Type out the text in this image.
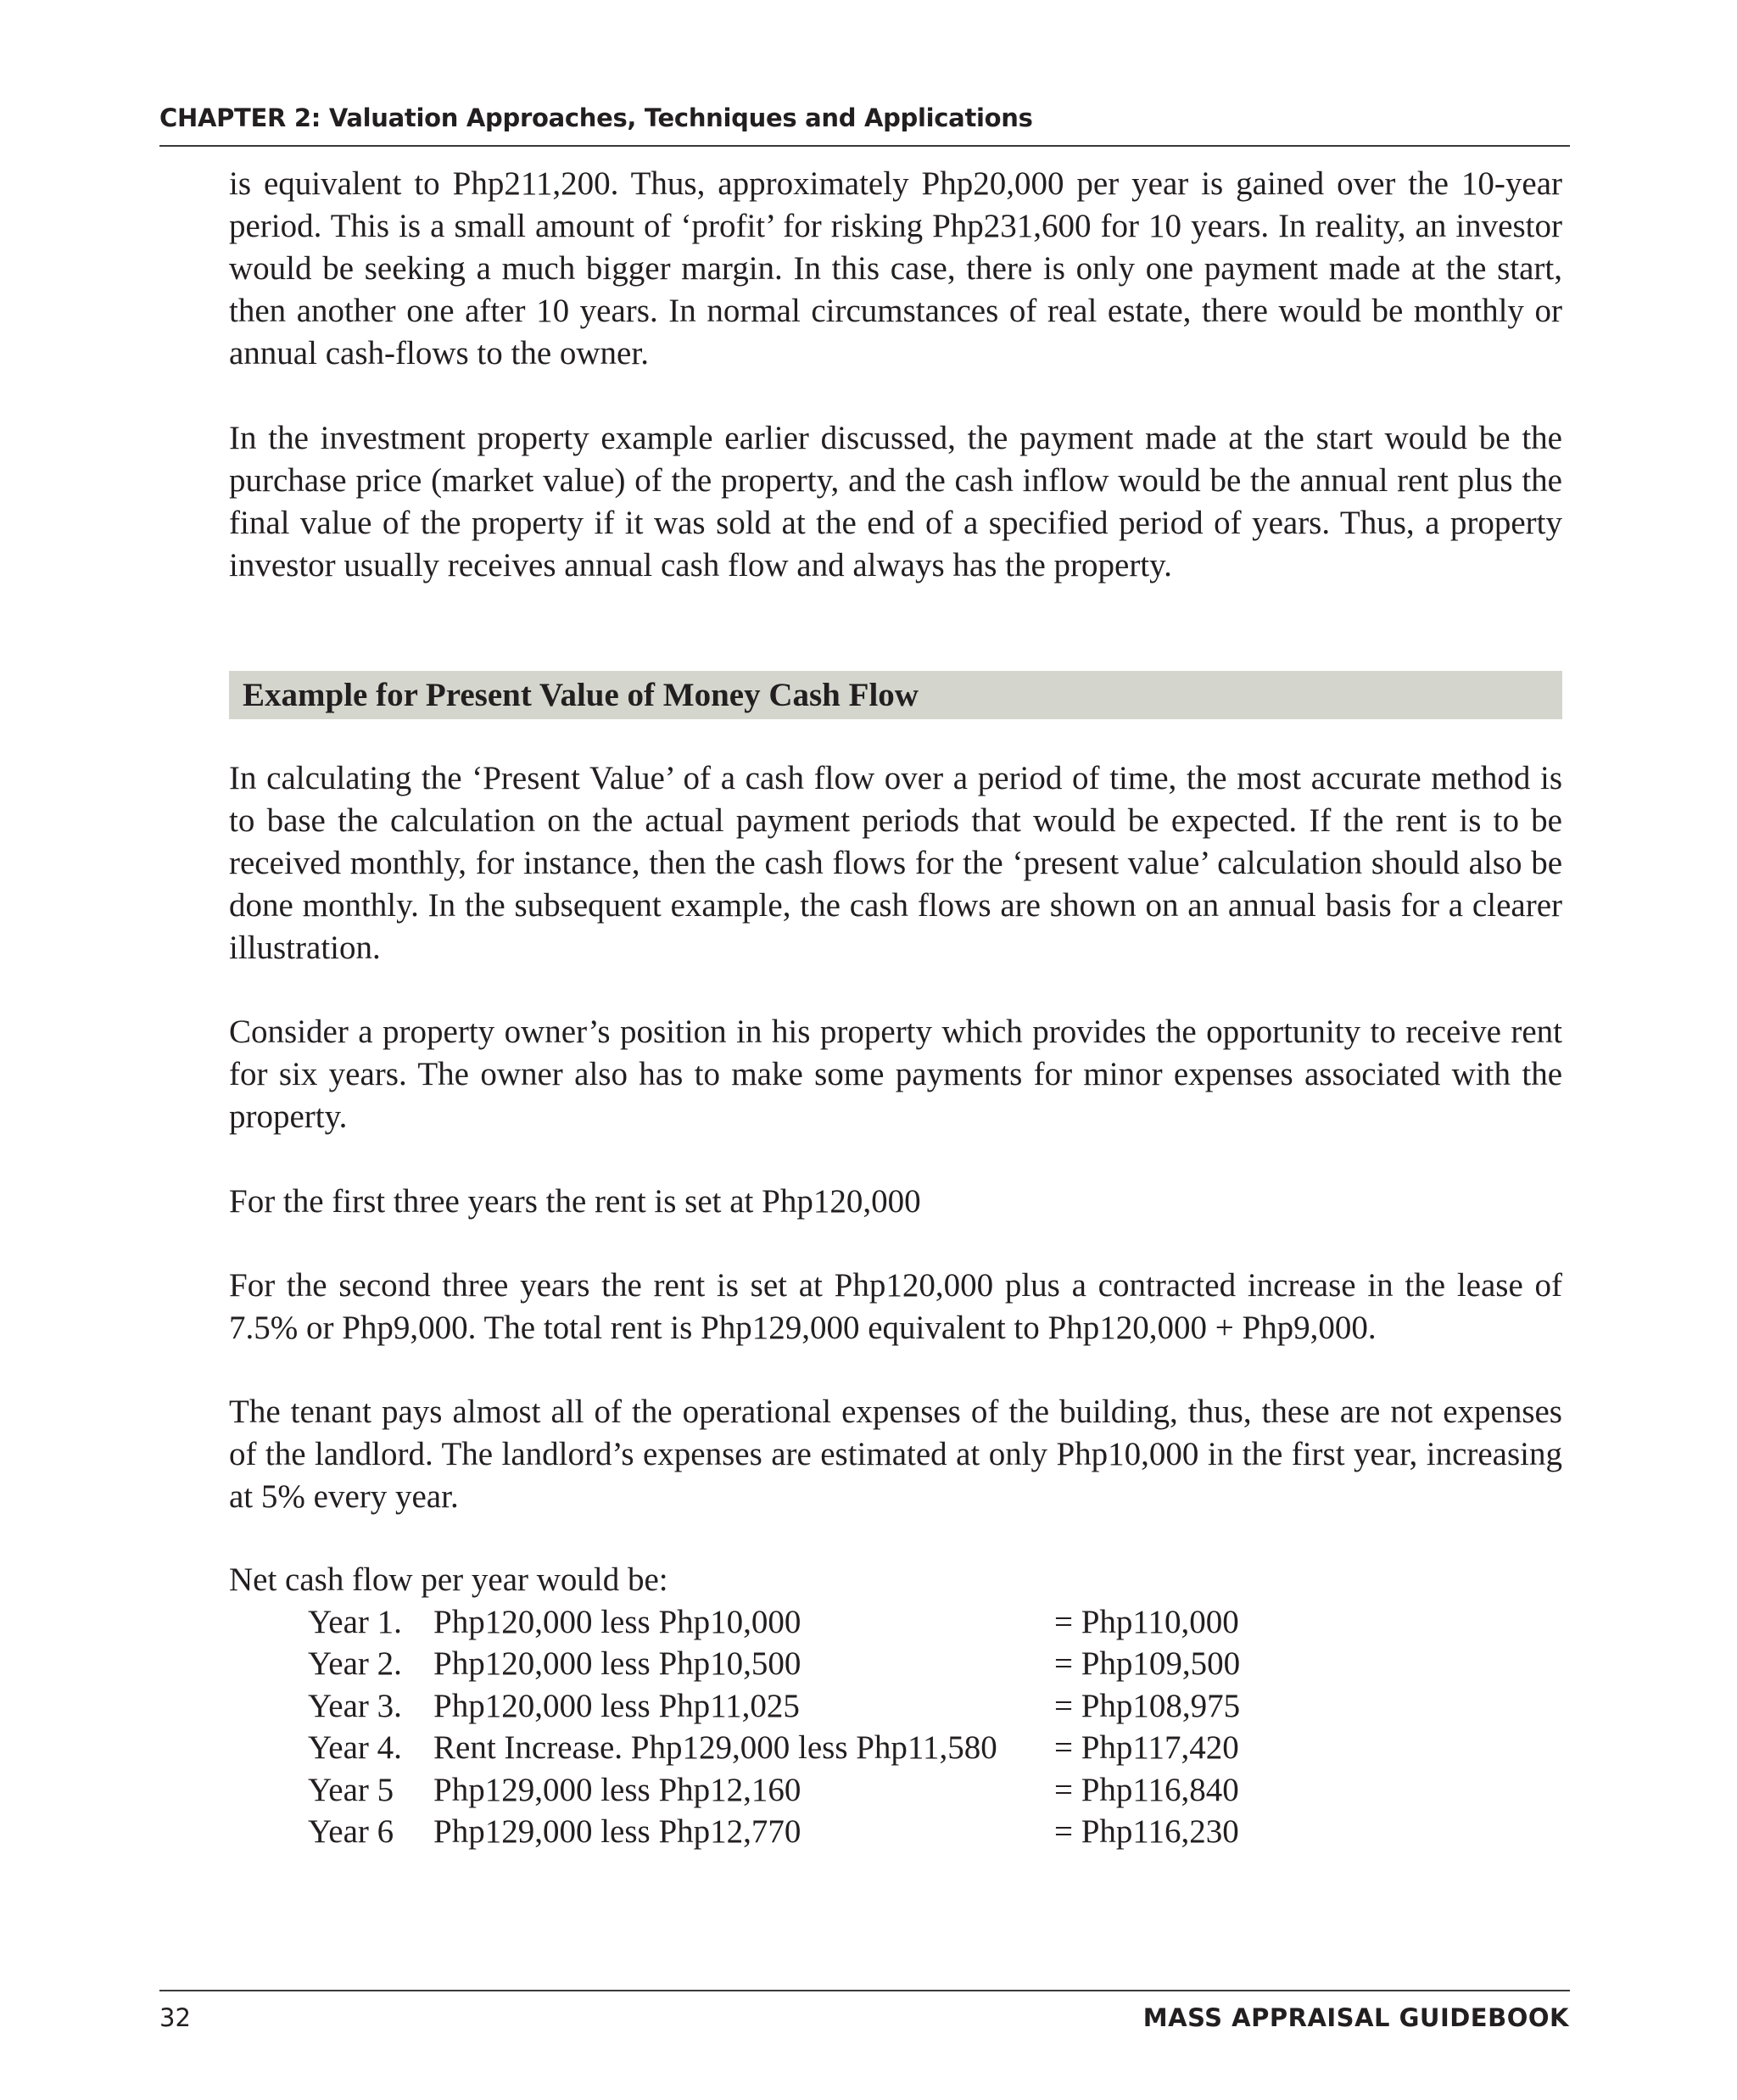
CHAPTER 2: Valuation Approaches, Techniques and Applications

is equivalent to Php211,200. Thus, approximately Php20,000 per year is gained over the 10-year period. This is a small amount of ‘profit’ for risking Php231,600 for 10 years. In reality, an investor would be seeking a much bigger margin. In this case, there is only one payment made at the start, then another one after 10 years. In normal circumstances of real estate, there would be monthly or annual cash-flows to the owner.

In the investment property example earlier discussed, the payment made at the start would be the purchase price (market value) of the property, and the cash inflow would be the annual rent plus the final value of the property if it was sold at the end of a specified period of years. Thus, a property investor usually receives annual cash flow and always has the property.

Example for Present Value of Money Cash Flow

In calculating the ‘Present Value’ of a cash flow over a period of time, the most accurate method is to base the calculation on the actual payment periods that would be expected. If the rent is to be received monthly, for instance, then the cash flows for the ‘present value’ calculation should also be done monthly. In the subsequent example, the cash flows are shown on an annual basis for a clearer illustration.

Consider a property owner’s position in his property which provides the opportunity to receive rent for six years. The owner also has to make some payments for minor expenses associated with the property.

For the first three years the rent is set at Php120,000

For the second three years the rent is set at Php120,000 plus a contracted increase in the lease of 7.5% or Php9,000. The total rent is Php129,000 equivalent to Php120,000 + Php9,000.

The tenant pays almost all of the operational expenses of the building, thus, these are not expenses of the landlord. The landlord’s expenses are estimated at only Php10,000 in the first year, increasing at 5% every year.

Net cash flow per year would be:

Year 1. Php120,000 less Php10,000	= Php110,000
Year 2. Php120,000 less Php10,500	= Php109,500
Year 3. Php120,000 less Php11,025	= Php108,975
Year 4. Rent Increase. Php129,000 less Php11,580 = Php117,420
Year 5 Php129,000 less Php12,160	= Php116,840
Year 6 Php129,000 less Php12,770	= Php116,230
32	MASS APPRAISAL GUIDEBOOK
